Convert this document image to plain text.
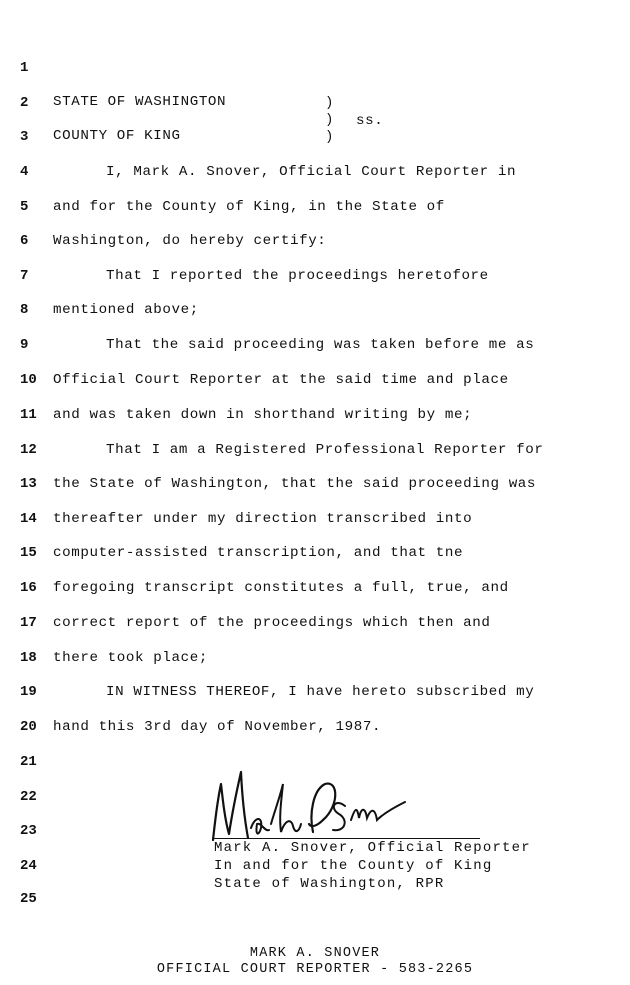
1
2
3
4
5
6
7
8
9
10
11
12
13
14
15
16
17
18
19
20
21
22
23
24
25
STATE OF WASHINGTON
COUNTY OF KING
)
)
)
ss.
I, Mark A. Snover, Official Court Reporter in
and for the County of King, in the State of
Washington, do hereby certify:
That I reported the proceedings heretofore
mentioned above;
That the said proceeding was taken before me as
Official Court Reporter at the said time and place
and was taken down in shorthand writing by me;
That I am a Registered Professional Reporter for
the State of Washington, that the said proceeding was
thereafter under my direction transcribed into
computer-assisted transcription, and that tne
foregoing transcript constitutes a full, true, and
correct report of the proceedings which then and
there took place;
IN WITNESS THEREOF, I have hereto subscribed my
hand this 3rd day of November, 1987.
Mark A. Snover, Official Reporter
In and for the County of King
State of Washington, RPR
MARK A. SNOVER
OFFICIAL COURT REPORTER - 583-2265
